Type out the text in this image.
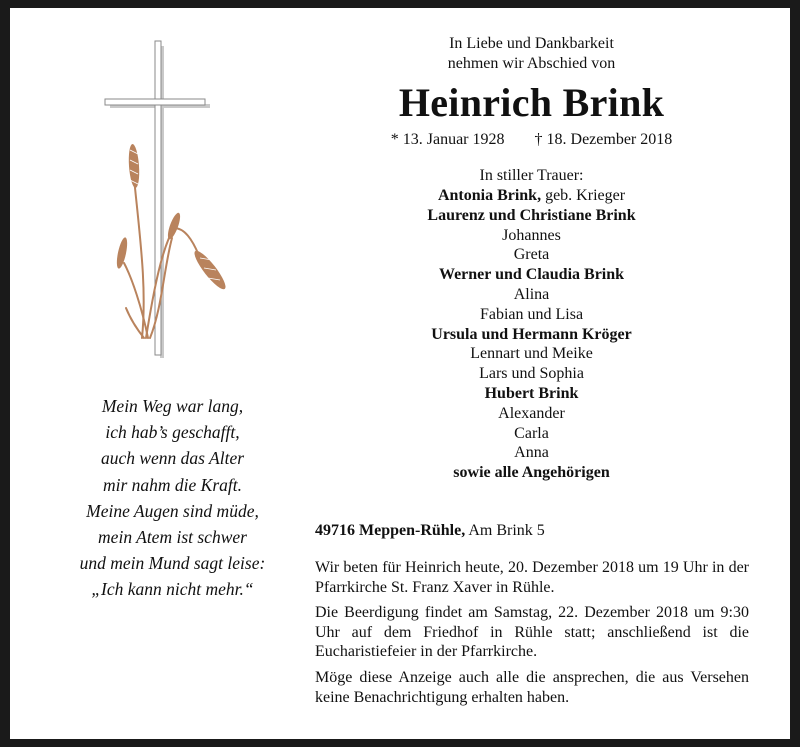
Mein Weg war lang,
ich hab’s geschafft,
auch wenn das Alter
mir nahm die Kraft.
Meine Augen sind müde,
mein Atem ist schwer
und mein Mund sagt leise:
„Ich kann nicht mehr.“
In Liebe und Dankbarkeit
nehmen wir Abschied von
Heinrich Brink
* 13. Januar 1928 † 18. Dezember 2018
In stiller Trauer:
Antonia Brink, geb. Krieger
Laurenz und Christiane Brink
Johannes
Greta
Werner und Claudia Brink
Alina
Fabian und Lisa
Ursula und Hermann Kröger
Lennart und Meike
Lars und Sophia
Hubert Brink
Alexander
Carla
Anna
sowie alle Angehörigen
49716 Meppen-Rühle, Am Brink 5

Wir beten für Heinrich heute, 20. Dezember 2018 um 19 Uhr in der Pfarrkirche St. Franz Xaver in Rühle.

Die Beerdigung findet am Samstag, 22. Dezember 2018 um 9:30 Uhr auf dem Friedhof in Rühle statt; anschließend ist die Eucharistiefeier in der Pfarrkirche.

Möge diese Anzeige auch alle die ansprechen, die aus Versehen keine Benachrichtigung erhalten haben.
